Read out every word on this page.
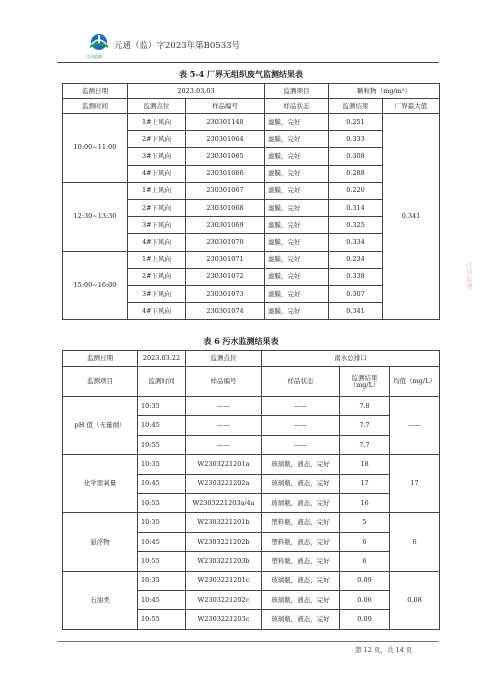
江河监测
元通（监）字2023年第B0533号
表 5-4 厂界无组织废气监测结果表
监测日期	2023.03.03		监测项目	颗粒物（mg/m³）	
监测时间	监测点位	样品编号	样品状态	监测结果	厂界最大值
10:00~11:00	1#上风向	230301148	滤膜，完好	0.251	0.341
	2#下风向	230301064	滤膜，完好	0.333	
	3#下风向	230301065	滤膜，完好	0.308	
	4#下风向	230301066	滤膜，完好	0.288	
12:30~13:30	1#上风向	230301067	滤膜，完好	0.220	
	2#下风向	230301068	滤膜，完好	0.314	
	3#下风向	230301069	滤膜，完好	0.325	
	4#下风向	230301070	滤膜，完好	0.334	
15:00~16:00	1#上风向	230301071	滤膜，完好	0.234	
	2#下风向	230301072	滤膜，完好	0.338	
	3#下风向	230301073	滤膜，完好	0.307	
	4#下风向	230301074	滤膜，完好	0.341	
表 6 污水监测结果表
监测日期	2023.03.22	监测点位	南水总排口		
监测项目	监测时间	样品编号	样品状态	监测结果（mg/L）	均值（mg/L）
pH 值（无量纲）	10:35	——	——	7.8	——
	10:45	——	——	7.7	
	10:55	——	——	7.7	
化学需氧量	10:35	W2303221201a	玻璃瓶，液态，完好	18	17
	10:45	W2303221202a	玻璃瓶，液态，完好	17	
	10:55	W2303221203a/4a	玻璃瓶，液态，完好	16	
悬浮物	10:35	W2303221201b	塑料瓶，液态，完好	5	6
	10:45	W2303221202b	塑料瓶，液态，完好	6	
	10:55	W2303221203b	塑料瓶，液态，完好	6	
石油类	10:35	W2303221201c	玻璃瓶，液态，完好	0.09	0.08
	10:45	W2303221202c	玻璃瓶，液态，完好	0.06	
	10:55	W2303221203c	玻璃瓶，液态，完好	0.09	
第 12 页，共 14 页
江河监测
